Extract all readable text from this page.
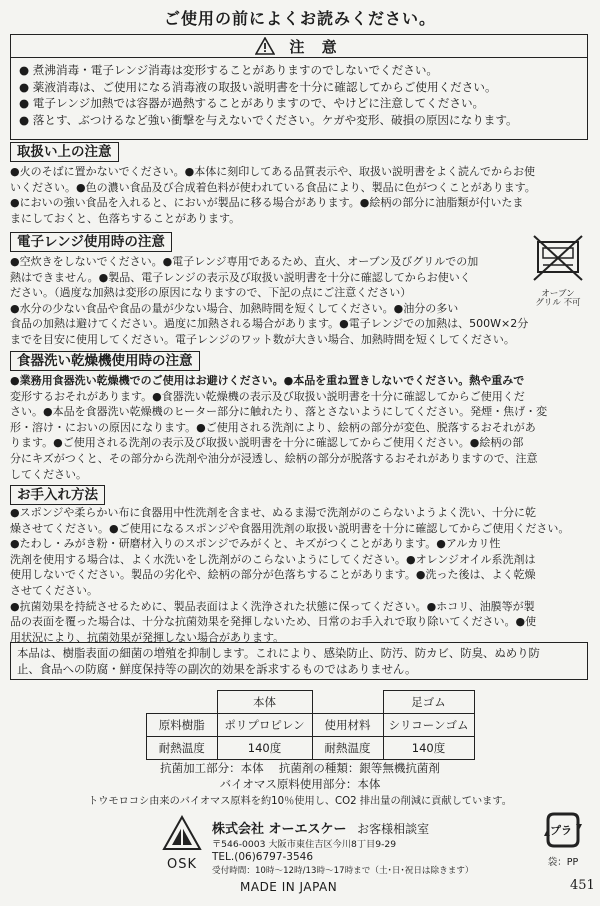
ご使用の前によくお読みください。
注 意
● 煮沸消毒・電子レンジ消毒は変形することがありますのでしないでください。
● 薬液消毒は、ご使用になる消毒液の取扱い説明書を十分に確認してからご使用ください。
● 電子レンジ加熱では容器が過熱することがありますので、やけどに注意してください。
● 落とす、ぶつけるなど強い衝撃を与えないでください。ケガや変形、破損の原因になります。
取扱い上の注意
●火のそばに置かないでください。●本体に刻印してある品質表示や、取扱い説明書をよく読んでからお使
いください。●色の濃い食品及び合成着色料が使われている食品により、製品に色がつくことがあります。
●においの強い食品を入れると、においが製品に移る場合があります。●絵柄の部分に油脂類が付いたま
まにしておくと、色落ちすることがあります。
電子レンジ使用時の注意
●空炊きをしないでください。●電子レンジ専用であるため、直火、オーブン及びグリルでの加
熱はできません。●製品、電子レンジの表示及び取扱い説明書を十分に確認してからお使いく
ださい。（過度な加熱は変形の原因になりますので、下記の点にご注意ください）
●水分の少ない食品や食品の量が少ない場合、加熱時間を短くしてください。●油分の多い
食品の加熱は避けてください。過度に加熱される場合があります。●電子レンジでの加熱は、500W×2分
までを目安に使用してください。電子レンジのワット数が大きい場合、加熱時間を短くしてください。
オーブン
グリル 不可
食器洗い乾燥機使用時の注意
●業務用食器洗い乾燥機でのご使用はお避けください。●本品を重ね置きしないでください。熱や重みで
変形するおそれがあります。●食器洗い乾燥機の表示及び取扱い説明書を十分に確認してからご使用くだ
さい。●本品を食器洗い乾燥機のヒーター部分に触れたり、落とさないようにしてください。発煙・焦げ・変
形・溶け・においの原因になります。●ご使用される洗剤により、絵柄の部分が変色、脱落するおそれがあ
ります。●ご使用される洗剤の表示及び取扱い説明書を十分に確認してからご使用ください。●絵柄の部
分にキズがつくと、その部分から洗剤や油分が浸透し、絵柄の部分が脱落するおそれがありますので、注意
してください。
お手入れ方法
●スポンジや柔らかい布に食器用中性洗剤を含ませ、ぬるま湯で洗剤がのこらないようよく洗い、十分に乾
燥させてください。●ご使用になるスポンジや食器用洗剤の取扱い説明書を十分に確認してからご使用ください。
●たわし・みがき粉・研磨材入りのスポンジでみがくと、キズがつくことがあります。●アルカリ性
洗剤を使用する場合は、よく水洗いをし洗剤がのこらないようにしてください。●オレンジオイル系洗剤は
使用しないでください。製品の劣化や、絵柄の部分が色落ちすることがあります。●洗った後は、よく乾燥
させてください。
●抗菌効果を持続させるために、製品表面はよく洗浄された状態に保ってください。●ホコリ、油膜等が製
品の表面を覆った場合は、十分な抗菌効果を発揮しないため、日常のお手入れで取り除いてください。●使
用状況により、抗菌効果が発揮しない場合があります。
本品は、樹脂表面の細菌の増殖を抑制します。これにより、感染防止、防汚、防カビ、防臭、ぬめり防
止、食品への防腐・鮮度保持等の副次的効果を訴求するものではありません。
	本体		足ゴム
原料樹脂	ポリプロピレン	使用材料	シリコーンゴム
耐熱温度	140度	耐熱温度	140度
抗菌加工部分：本体　 抗菌剤の種類：銀等無機抗菌剤
バイオマス原料使用部分：本体
トウモロコシ由来のバイオマス原料を約10％使用し、CO2 排出量の削減に貢献しています。
OSK
株式会社 オーエスケー お客様相談室
〒546-0003 大阪市東住吉区今川8丁目9-29
TEL.(06)6797-3546
受付時間：10時〜12時/13時〜17時まで（土･日･祝日は除きます）
プラ
袋：PP
MADE IN JAPAN	451
